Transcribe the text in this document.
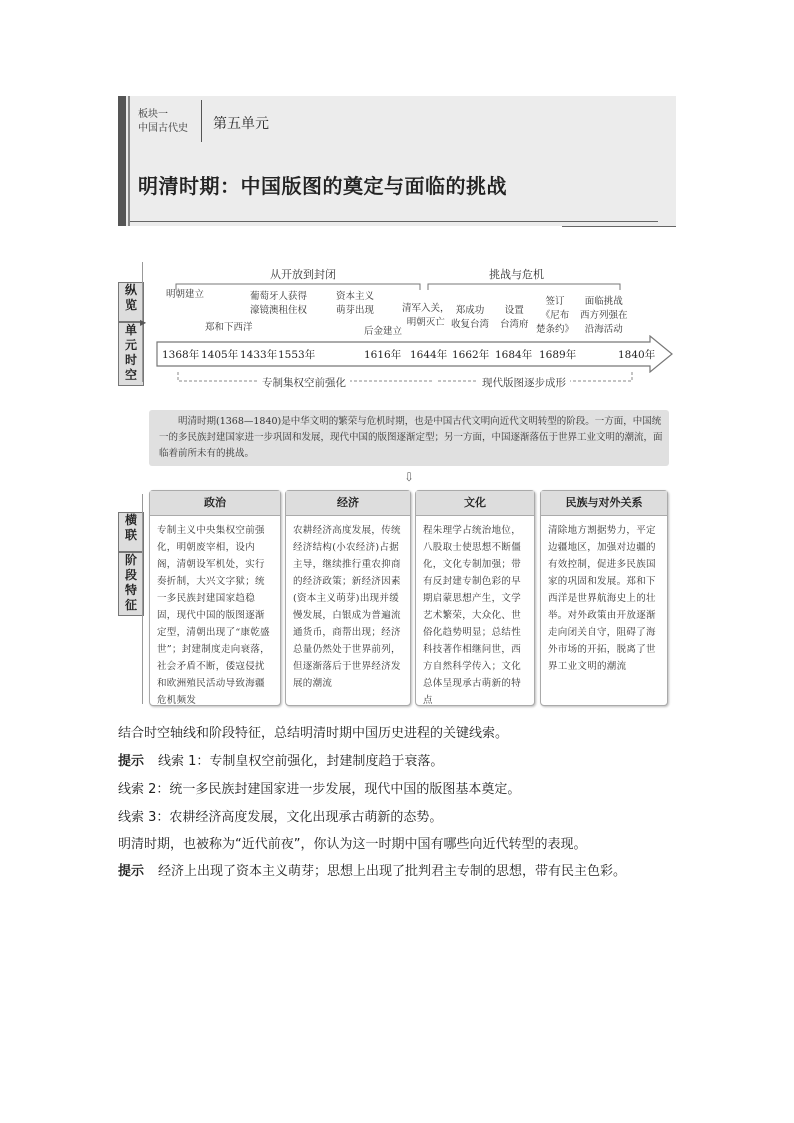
板块一
中国古代史 第五单元
明清时期：中国版图的奠定与面临的挑战
纵
览
单
元
时
空
▶
从开放到封闭	挑战与危机
明朝建立
郑和下西洋
葡萄牙人获得
濠镜澳租住权
资本主义
萌芽出现
后金建立
清军入关，
明朝灭亡
郑成功
收复台湾
设置
台湾府
签订
《尼布
楚条约》
面临挑战
西方列强在
沿海活动
1368年 1405年 1433年 1553年	1616年 1644年 1662年 1684年 1689年	1840年
专制集权空前强化	现代版图逐步成形
明清时期(1368—1840)是中华文明的繁荣与危机时期，也是中国古代文明向近代文明转型的阶段。一方面，中国统一的多民族封建国家进一步巩固和发展，现代中国的版图逐渐定型；另一方面，中国逐渐落伍于世界工业文明的潮流，面临着前所未有的挑战。
⇩
横
联
阶
段
特
征
政治
专制主义中央集权空前强化，明朝废宰相，设内阁，清朝设军机处，实行奏折制，大兴文字狱；统一多民族封建国家趋稳固，现代中国的版图逐渐定型，清朝出现了“康乾盛世”；封建制度走向衰落，社会矛盾不断，倭寇侵扰和欧洲殖民活动导致海疆危机频发
经济
农耕经济高度发展，传统经济结构(小农经济)占据主导，继续推行重农抑商的经济政策；新经济因素(资本主义萌芽)出现并缓慢发展，白银成为普遍流通货币，商帮出现；经济总量仍然处于世界前列，但逐渐落后于世界经济发展的潮流
文化
程朱理学占统治地位，八股取士使思想不断僵化，文化专制加强；带有反封建专制色彩的早期启蒙思想产生，文学艺术繁荣，大众化、世俗化趋势明显；总结性科技著作相继问世，西方自然科学传入；文化总体呈现承古萌新的特点
民族与对外关系
清除地方割据势力，平定边疆地区，加强对边疆的有效控制，促进多民族国家的巩固和发展。郑和下西洋是世界航海史上的壮举。对外政策由开放逐渐走向闭关自守，阻碍了海外市场的开拓，脱离了世界工业文明的潮流
结合时空轴线和阶段特征，总结明清时期中国历史进程的关键线索。
提示 线索 1：专制皇权空前强化，封建制度趋于衰落。
线索 2：统一多民族封建国家进一步发展，现代中国的版图基本奠定。
线索 3：农耕经济高度发展，文化出现承古萌新的态势。
明清时期，也被称为“近代前夜”，你认为这一时期中国有哪些向近代转型的表现。
提示 经济上出现了资本主义萌芽；思想上出现了批判君主专制的思想，带有民主色彩。
